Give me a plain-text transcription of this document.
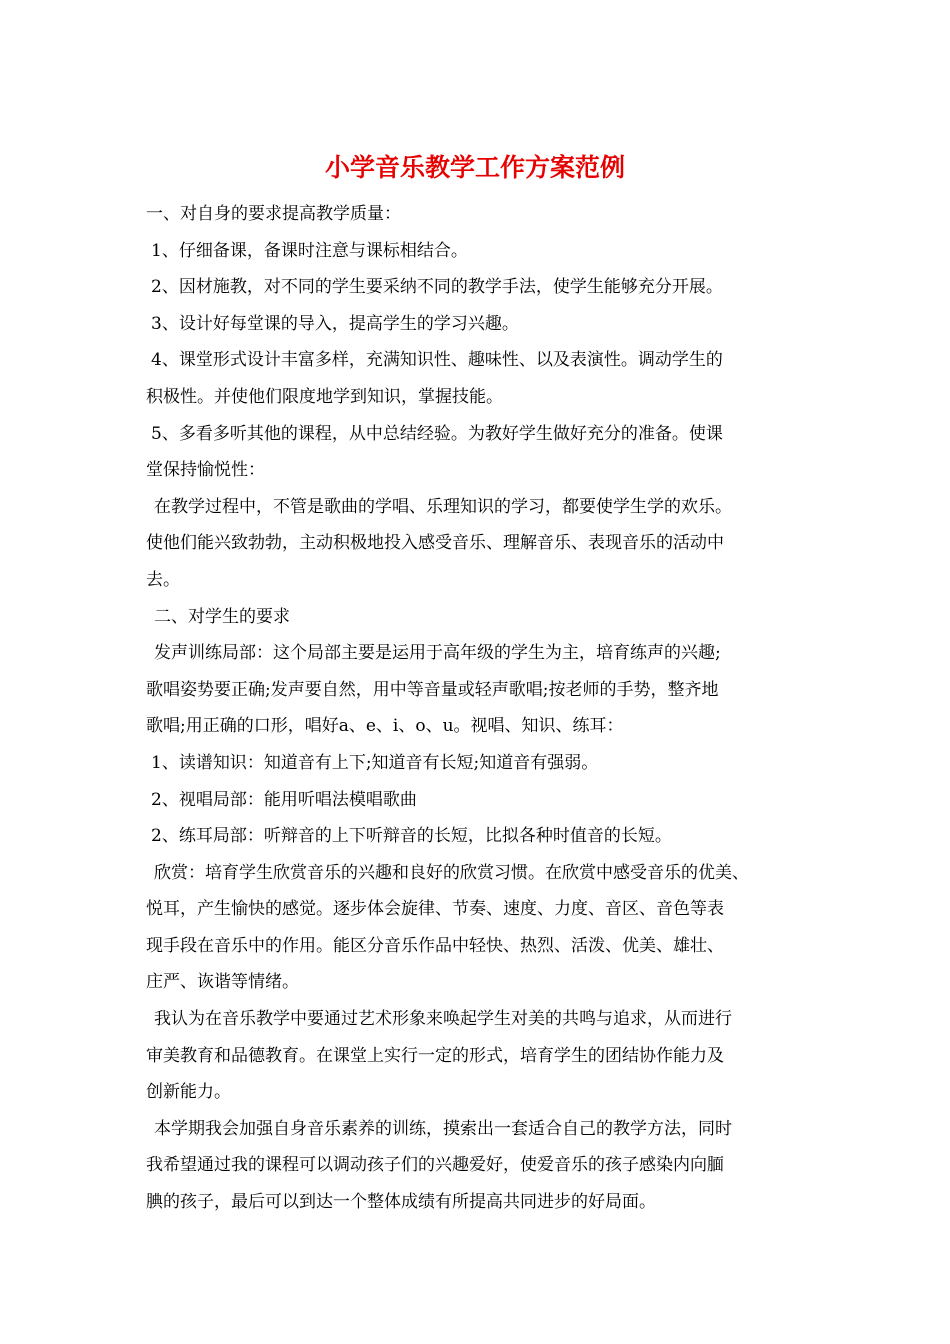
小学音乐教学工作方案范例

一、对自身的要求提高教学质量：

1、仔细备课，备课时注意与课标相结合。

2、因材施教，对不同的学生要采纳不同的教学手法，使学生能够充分开展。

3、设计好每堂课的导入，提高学生的学习兴趣。

4、课堂形式设计丰富多样，充满知识性、趣味性、以及表演性。调动学生的

积极性。并使他们限度地学到知识，掌握技能。

5、多看多听其他的课程，从中总结经验。为教好学生做好充分的准备。使课

堂保持愉悦性：

在教学过程中，不管是歌曲的学唱、乐理知识的学习，都要使学生学的欢乐。

使他们能兴致勃勃，主动积极地投入感受音乐、理解音乐、表现音乐的活动中

去。

二、对学生的要求

发声训练局部：这个局部主要是运用于高年级的学生为主，培育练声的兴趣;

歌唱姿势要正确;发声要自然，用中等音量或轻声歌唱;按老师的手势，整齐地

歌唱;用正确的口形，唱好a、e、i、o、u。视唱、知识、练耳：

1、读谱知识：知道音有上下;知道音有长短;知道音有强弱。

2、视唱局部：能用听唱法模唱歌曲

2、练耳局部：听辩音的上下听辩音的长短，比拟各种时值音的长短。

欣赏：培育学生欣赏音乐的兴趣和良好的欣赏习惯。在欣赏中感受音乐的优美、

悦耳，产生愉快的感觉。逐步体会旋律、节奏、速度、力度、音区、音色等表

现手段在音乐中的作用。能区分音乐作品中轻快、热烈、活泼、优美、雄壮、

庄严、诙谐等情绪。

我认为在音乐教学中要通过艺术形象来唤起学生对美的共鸣与追求，从而进行

审美教育和品德教育。在课堂上实行一定的形式，培育学生的团结协作能力及

创新能力。

本学期我会加强自身音乐素养的训练，摸索出一套适合自己的教学方法，同时

我希望通过我的课程可以调动孩子们的兴趣爱好，使爱音乐的孩子感染内向腼

腆的孩子，最后可以到达一个整体成绩有所提高共同进步的好局面。
